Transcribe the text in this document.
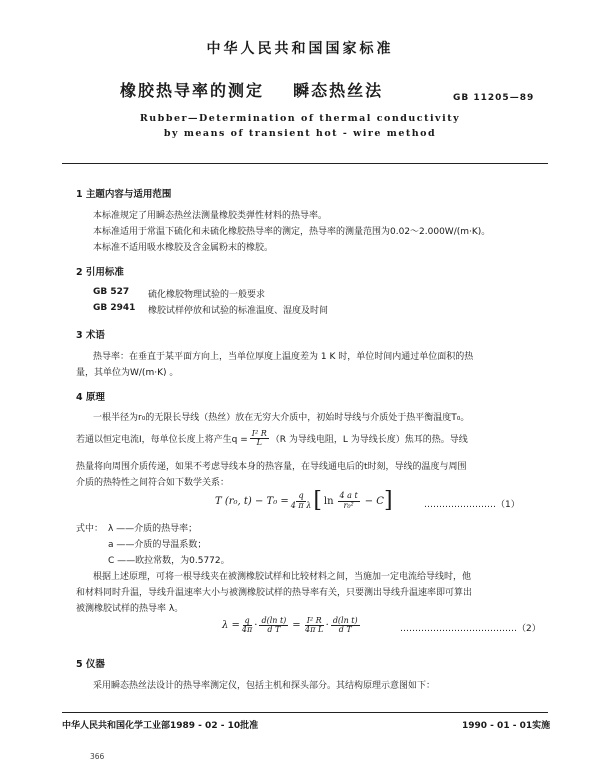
中华人民共和国国家标准
橡胶热导率的测定 瞬态热丝法	GB 11205—89
Rubber—Determination of thermal conductivity
by means of transient hot - wire method
1 主题内容与适用范围
本标准规定了用瞬态热丝法测量橡胶类弹性材料的热导率。
本标准适用于常温下硫化和未硫化橡胶热导率的测定，热导率的测量范围为0.02～2.000W/(m·K)。
本标准不适用吸水橡胶及含金属粉末的橡胶。
2 引用标准
GB 527 硫化橡胶物理试验的一般要求
GB 2941 橡胶试样停放和试验的标准温度、湿度及时间
3 术语
热导率：在垂直于某平面方向上，当单位厚度上温度差为 1 K 时，单位时间内通过单位面积的热
量，其单位为W/(m·K) 。
4 原理
一根半径为r₀的无限长导线（热丝）放在无穷大介质中，初始时导线与介质处于热平衡温度T₀。
若通以恒定电流I，每单位长度上将产生$q = \frac{\text{I² R}}{L} (R$ 为导线电阻，L 为导线长度）焦耳的热。导线
热量将向周围介质传递，如果不考虑导线本身的热容量，在导线通电后的t时刻，导线的温度与周围
介质的热特性之间符合如下数学关系：
T (r₀, $t) - T_0 = \frac{q}{\text{4 π λ}}$ [ $\ln \frac{\text{4 a t}}{\text{r₀²}} - C$ ]	……………………（1）
式中： λ ——介质的热导率；
a ——介质的导温系数；
C ——欧拉常数，为0.5772。
根据上述原理，可将一根导线夹在被测橡胶试样和比较材料之间，当施加一定电流给导线时，他
和材料同时升温，导线升温速率大小与被测橡胶试样的热导率有关，只要测出导线升温速率即可算出
被测橡胶试样的热导率 λ。
$\lambda = \frac{q}{4\pi} \cdot \frac{\text{d(ln t)}}{\text{d T}} = \frac{\text{I² R}}{\text{4π L}} \cdot \frac{\text{d(ln t)}}{\text{d T}}$	…………………………………（2）
5 仪器
采用瞬态热丝法设计的热导率测定仪，包括主机和探头部分。其结构原理示意图如下：
中华人民共和国化学工业部1989 - 02 - 10批准	1990 - 01 - 01实施
366
